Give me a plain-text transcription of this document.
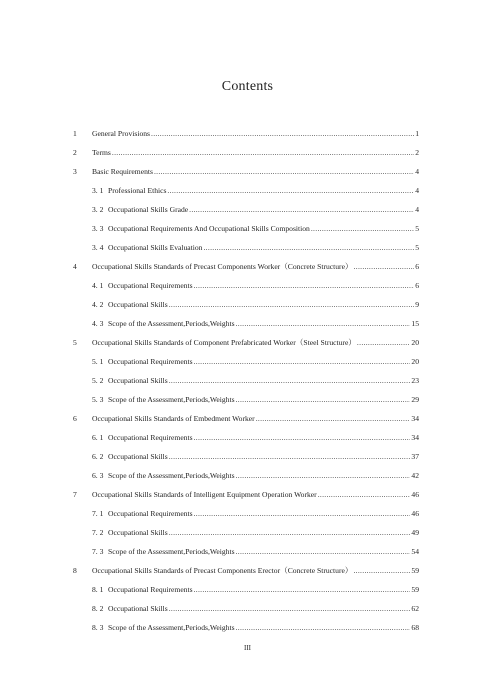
Contents
1 General Provisions .....	1
2 Terms .....	2
3 Basic Requirements .....	4
3. 1 Professional Ethics .....	4
3. 2 Occupational Skills Grade .....	4
3. 3 Occupational Requirements And Occupational Skills Composition .....	5
3. 4 Occupational Skills Evaluation .....	5
4 Occupational Skills Standards of Precast Components Worker（Concrete Structure） .....	6
4. 1 Occupational Requirements .....	6
4. 2 Occupational Skills .....	9
4. 3 Scope of the Assessment,Periods,Weights .....	15
5 Occupational Skills Standards of Component Prefabricated Worker（Steel Structure） .....	20
5. 1 Occupational Requirements .....	20
5. 2 Occupational Skills .....	23
5. 3 Scope of the Assessment,Periods,Weights .....	29
6 Occupational Skills Standards of Embedment Worker .....	34
6. 1 Occupational Requirements .....	34
6. 2 Occupational Skills .....	37
6. 3 Scope of the Assessment,Periods,Weights .....	42
7 Occupational Skills Standards of Intelligent Equipment Operation Worker .....	46
7. 1 Occupational Requirements .....	46
7. 2 Occupational Skills .....	49
7. 3 Scope of the Assessment,Periods,Weights .....	54
8 Occupational Skills Standards of Precast Components Erector（Concrete Structure） .....	59
8. 1 Occupational Requirements .....	59
8. 2 Occupational Skills .....	62
8. 3 Scope of the Assessment,Periods,Weights .....	68
III
